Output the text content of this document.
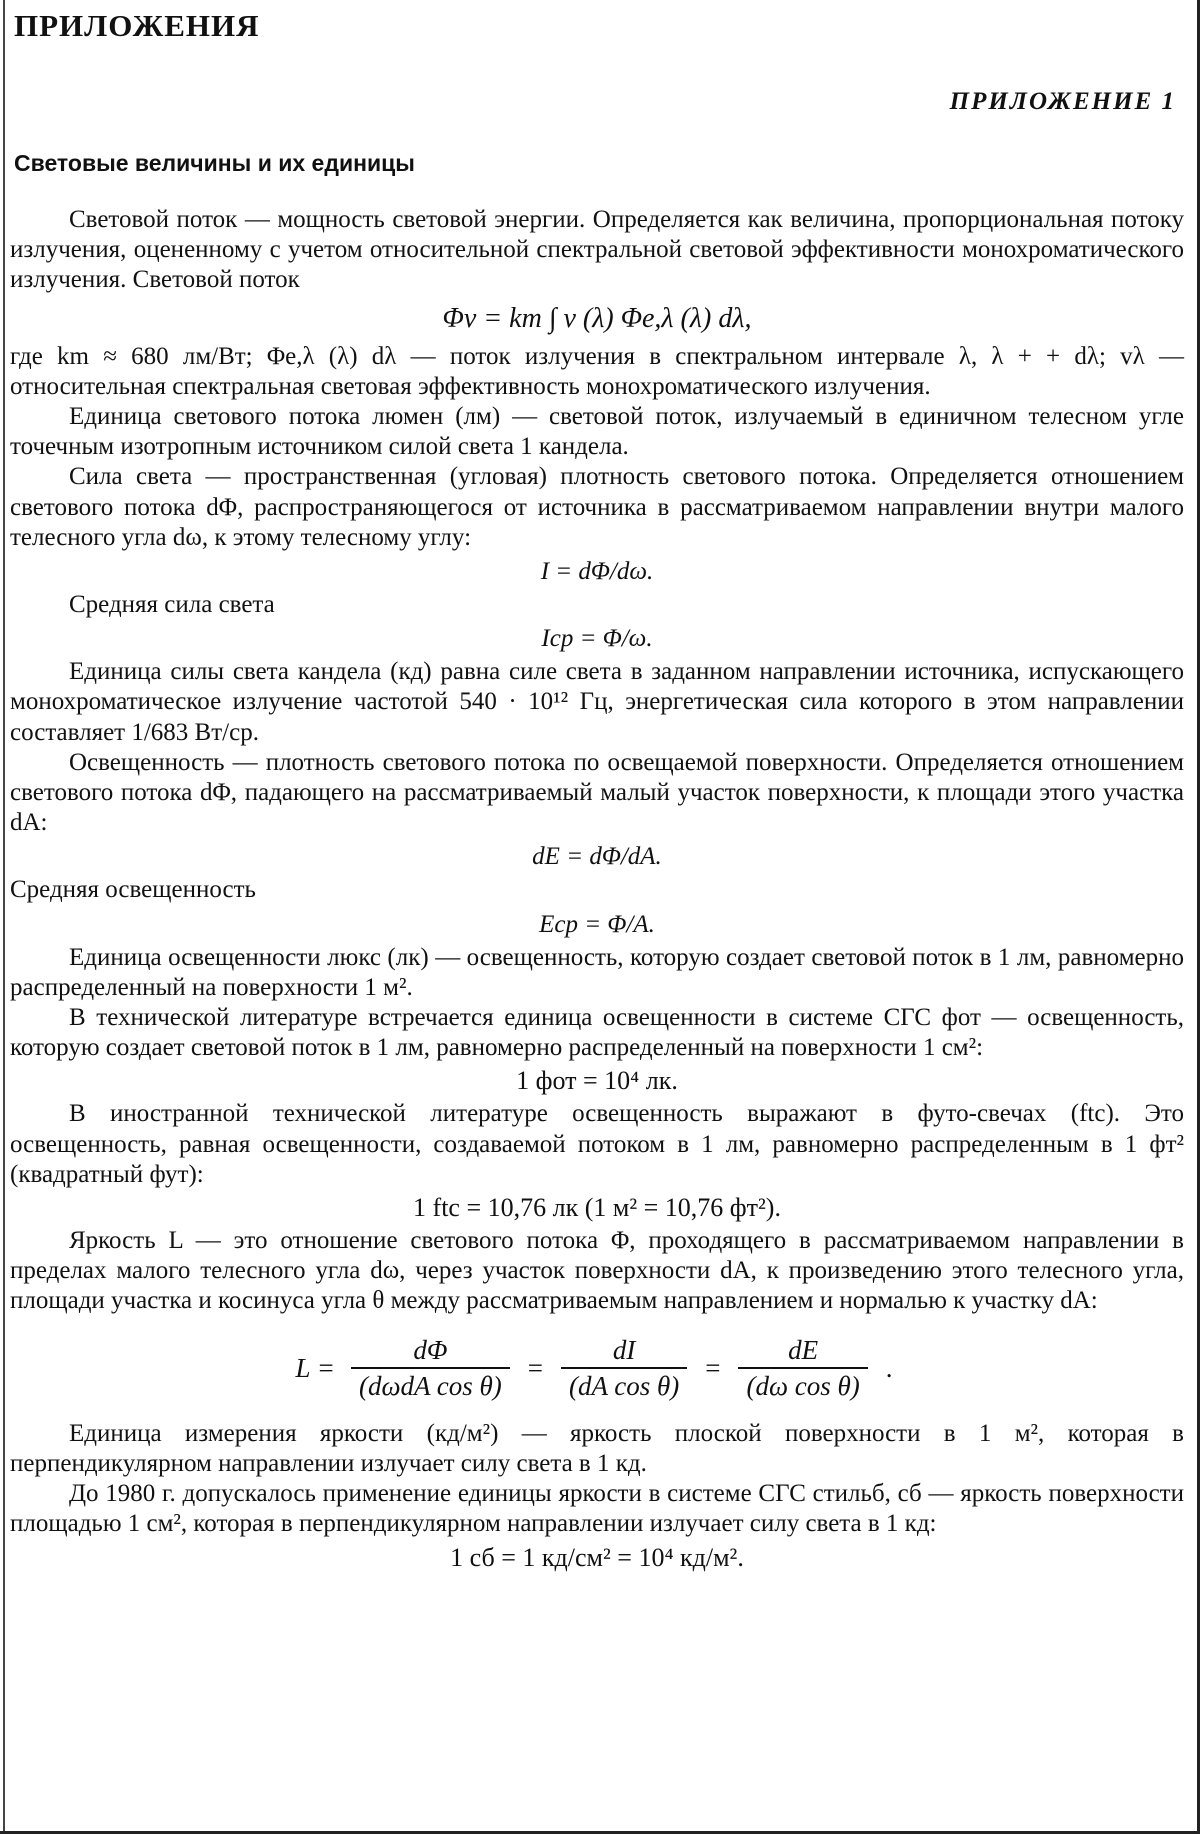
ПРИЛОЖЕНИЯ
ПРИЛОЖЕНИЕ 1
Световые величины и их единицы

Световой поток — мощность световой энергии. Определяется как величина, пропорциональная потоку излучения, оцененному с учетом относительной спектральной световой эффективности монохроматического излучения. Световой поток

Φv = km ∫ v (λ) Φe,λ (λ) dλ,

где km ≈ 680 лм/Вт; Φe,λ (λ) dλ — поток излучения в спектральном интервале λ, λ + + dλ; vλ — относительная спектральная световая эффективность монохроматического излучения.

Единица светового потока люмен (лм) — световой поток, излучаемый в единичном телесном угле точечным изотропным источником силой света 1 кандела.

Сила света — пространственная (угловая) плотность светового потока. Определяется отношением светового потока dΦ, распространяющегося от источника в рассматриваемом направлении внутри малого телесного угла dω, к этому телесному углу:

I = dΦ/dω.

Средняя сила света

Iср = Φ/ω.

Единица силы света кандела (кд) равна силе света в заданном направлении источника, испускающего монохроматическое излучение частотой 540 · 10¹² Гц, энергетическая сила которого в этом направлении составляет 1/683 Вт/ср.

Освещенность — плотность светового потока по освещаемой поверхности. Определяется отношением светового потока dΦ, падающего на рассматриваемый малый участок поверхности, к площади этого участка dA:

dE = dΦ/dA.

Средняя освещенность

Eср = Φ/A.

Единица освещенности люкс (лк) — освещенность, которую создает световой поток в 1 лм, равномерно распределенный на поверхности 1 м².

В технической литературе встречается единица освещенности в системе СГС фот — освещенность, которую создает световой поток в 1 лм, равномерно распределенный на поверхности 1 см²:

1 фот = 10⁴ лк.

В иностранной технической литературе освещенность выражают в футо-свечах (ftc). Это освещенность, равная освещенности, создаваемой потоком в 1 лм, равномерно распределенным в 1 фт² (квадратный фут):

1 ftc = 10,76 лк (1 м² = 10,76 фт²).

Яркость L — это отношение светового потока Φ, проходящего в рассматриваемом направлении в пределах малого телесного угла dω, через участок поверхности dA, к произведению этого телесного угла, площади участка и косинуса угла θ между рассматриваемым направлением и нормалью к участку dA:

$L = \frac{d\Phi}{\text{(dωdA cos θ)}} = \frac{dI}{\text{(dA cos θ)}} = \frac{dE}{\text{(dω cos θ)}}$ .

Единица измерения яркости (кд/м²) — яркость плоской поверхности в 1 м², которая в перпендикулярном направлении излучает силу света в 1 кд.

До 1980 г. допускалось применение единицы яркости в системе СГС стильб, сб — яркость поверхности площадью 1 см², которая в перпендикулярном направлении излучает силу света в 1 кд:

1 сб = 1 кд/см² = 10⁴ кд/м².
